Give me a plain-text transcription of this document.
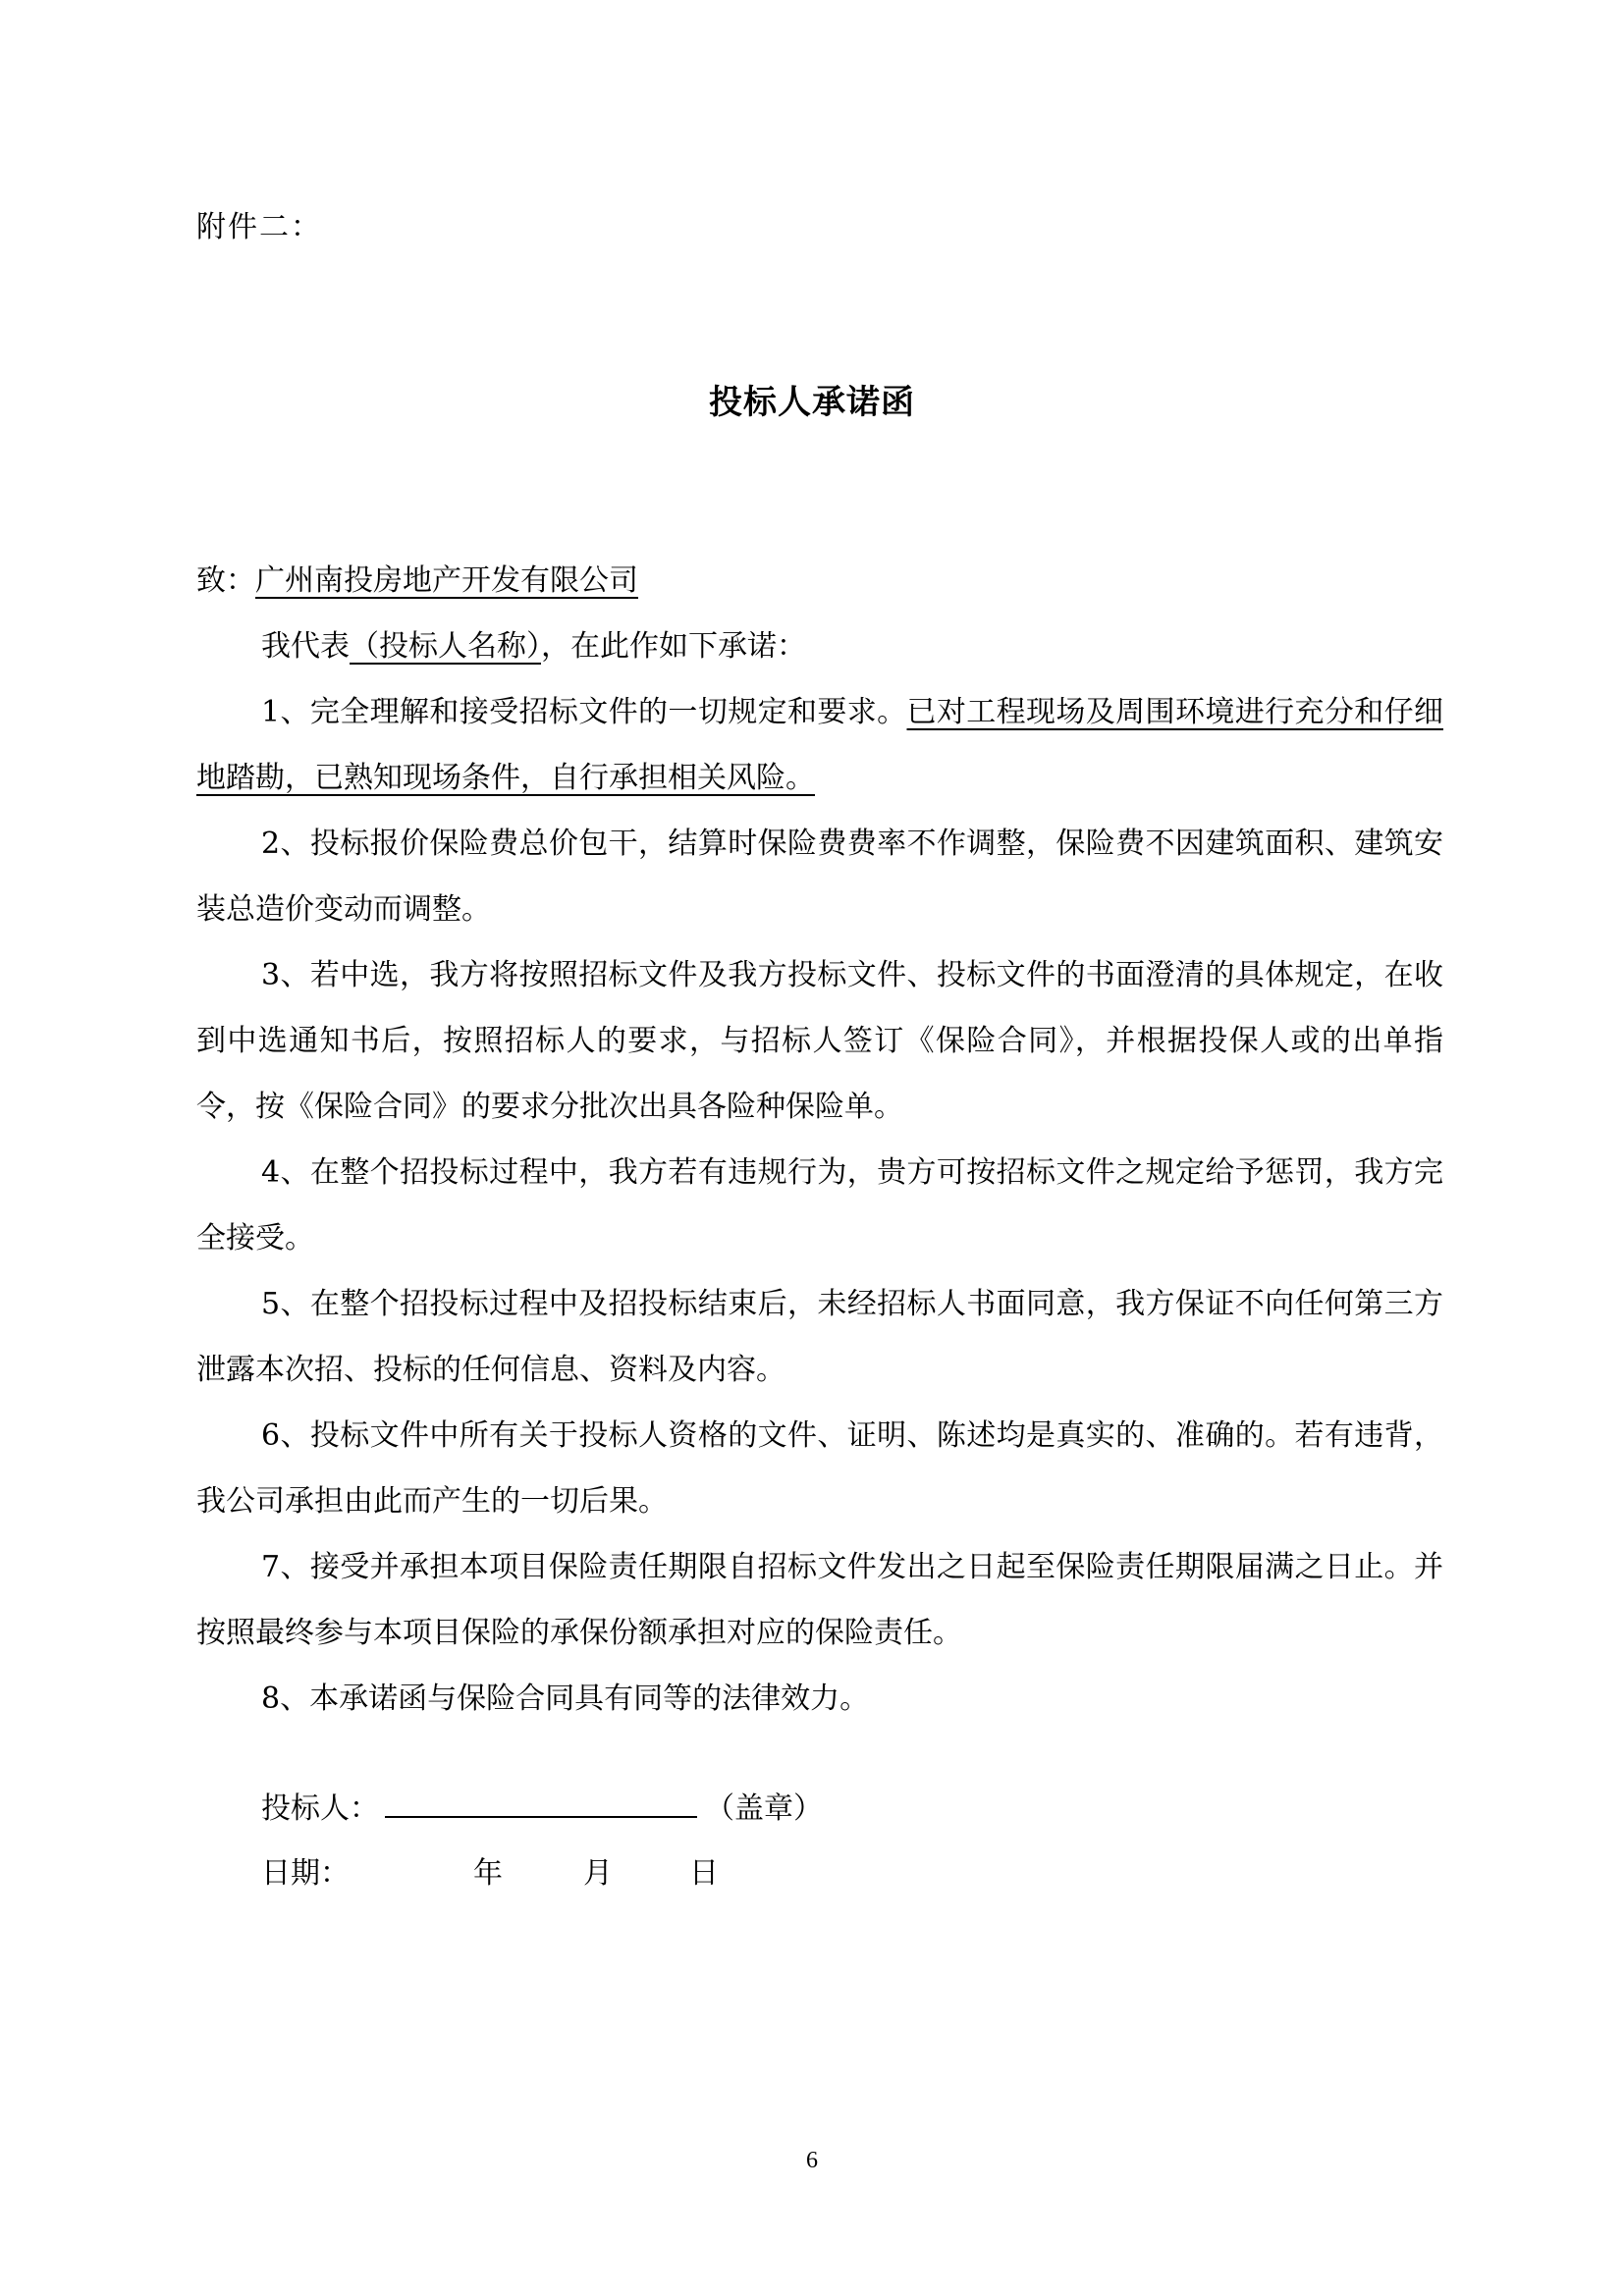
附件二：
投标人承诺函

致：广州南投房地产开发有限公司

我代表（投标人名称），在此作如下承诺：

1、完全理解和接受招标文件的一切规定和要求。已对工程现场及周围环境进行充分和仔细地踏勘，已熟知现场条件，自行承担相关风险。

2、投标报价保险费总价包干，结算时保险费费率不作调整，保险费不因建筑面积、建筑安装总造价变动而调整。

3、若中选，我方将按照招标文件及我方投标文件、投标文件的书面澄清的具体规定，在收到中选通知书后，按照招标人的要求，与招标人签订《保险合同》，并根据投保人或的出单指令，按《保险合同》的要求分批次出具各险种保险单。

4、在整个招投标过程中，我方若有违规行为，贵方可按招标文件之规定给予惩罚，我方完全接受。

5、在整个招投标过程中及招投标结束后，未经招标人书面同意，我方保证不向任何第三方泄露本次招、投标的任何信息、资料及内容。

6、投标文件中所有关于投标人资格的文件、证明、陈述均是真实的、准确的。若有违背，我公司承担由此而产生的一切后果。

7、接受并承担本项目保险责任期限自招标文件发出之日起至保险责任期限届满之日止。并按照最终参与本项目保险的承保份额承担对应的保险责任。

8、本承诺函与保险合同具有同等的法律效力。

投标人：	（盖章）
日期：	年	月	日
6
